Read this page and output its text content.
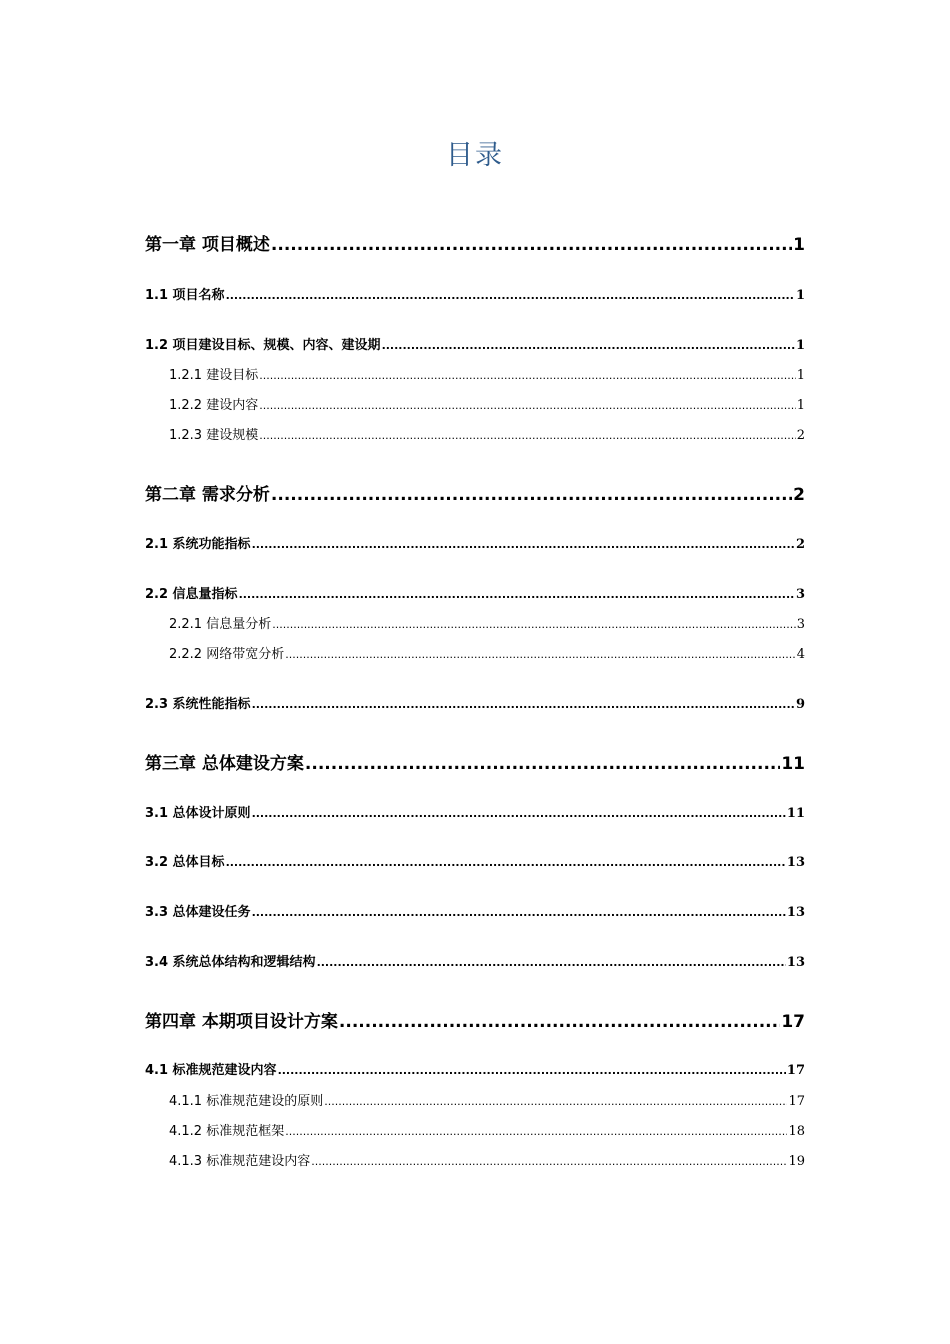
目录
第一章 项目概述 .....	1
1.1 项目名称 .....	1
1.2 项目建设目标、规模、内容、建设期 .....	1
1.2.1 建设目标 .....	1
1.2.2 建设内容 .....	1
1.2.3 建设规模 .....	2
第二章 需求分析 .....	2
2.1 系统功能指标 .....	2
2.2 信息量指标 .....	3
2.2.1 信息量分析 .....	3
2.2.2 网络带宽分析 .....	4
2.3 系统性能指标 .....	9
第三章 总体建设方案 .....	11
3.1 总体设计原则 .....	11
3.2 总体目标 .....	13
3.3 总体建设任务 .....	13
3.4 系统总体结构和逻辑结构 .....	13
第四章 本期项目设计方案 .....	17
4.1 标准规范建设内容 .....	17
4.1.1 标准规范建设的原则 .....	17
4.1.2 标准规范框架 .....	18
4.1.3 标准规范建设内容 .....	19
